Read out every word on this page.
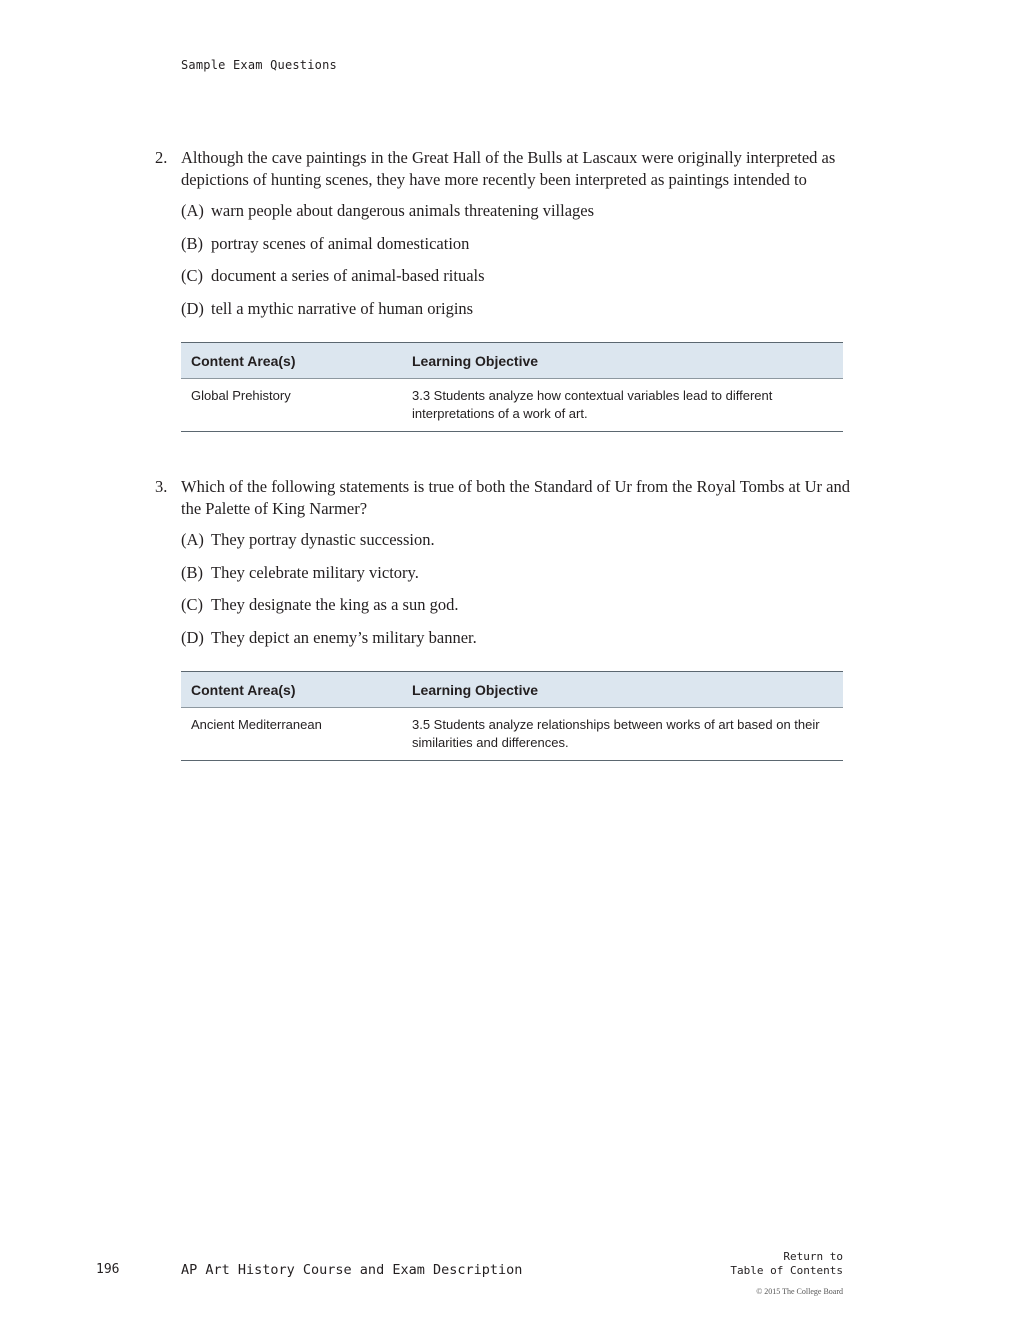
Sample Exam Questions
2. Although the cave paintings in the Great Hall of the Bulls at Lascaux were originally interpreted as depictions of hunting scenes, they have more recently been interpreted as paintings intended to
(A) warn people about dangerous animals threatening villages
(B) portray scenes of animal domestication
(C) document a series of animal-based rituals
(D) tell a mythic narrative of human origins
Content Area(s)	Learning Objective
Global Prehistory	3.3 Students analyze how contextual variables lead to different interpretations of a work of art.
3. Which of the following statements is true of both the Standard of Ur from the Royal Tombs at Ur and the Palette of King Narmer?
(A) They portray dynastic succession.
(B) They celebrate military victory.
(C) They designate the king as a sun god.
(D) They depict an enemy’s military banner.
Content Area(s)	Learning Objective
Ancient Mediterranean	3.5 Students analyze relationships between works of art based on their similarities and differences.
196	AP Art History Course and Exam Description
Return to
Table of Contents
© 2015 The College Board
